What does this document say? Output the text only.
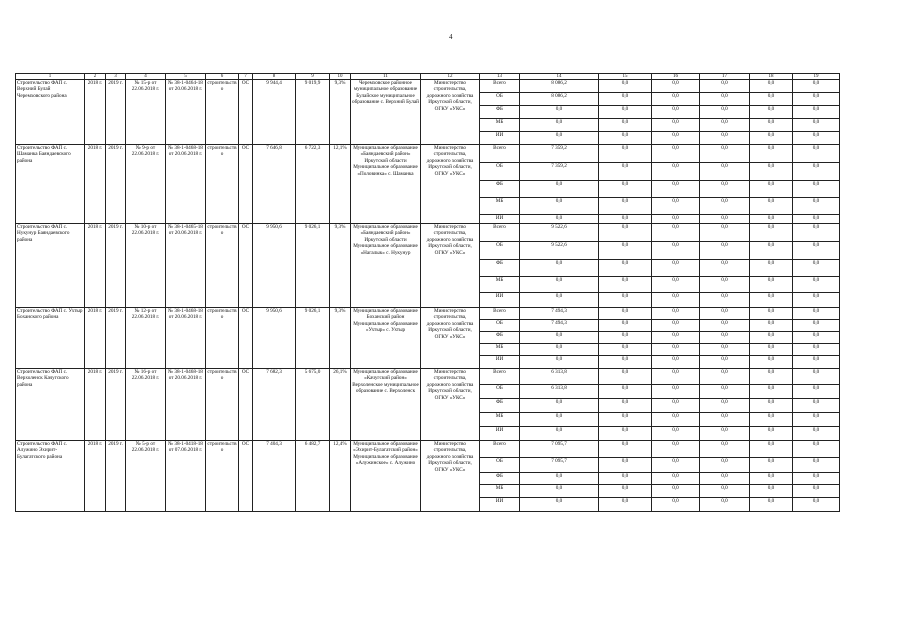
4
1	2	3	4	5	6	7	8	9	10	11	12	13	14	15	16	17	18	19
Строительство ФАП с. Верхний Булай Черемховского района	2018 г.	2019 г.	№ 15-р от 22.06.2018 г.	№ 38-1-0464-18 от 20.06.2018 г.	строительство	ОС	9 944,4	9 019,9	9,3%	Черемховское районное муниципальное образование Булайское муниципальное образование с. Верхний Булай	Министерство строительства, дорожного хозяйства Иркутской области, ОГКУ «УКС»	Всего	8 086,2	0,0	0,0	0,0	0,0	0,0
												ОБ	8 086,2	0,0	0,0	0,0	0,0	0,0
												ФБ	0,0	0,0	0,0	0,0	0,0	0,0
												МБ	0,0	0,0	0,0	0,0	0,0	0,0
												ИИ	0,0	0,0	0,0	0,0	0,0	0,0
Строительство ФАП с. Шаманка Баяндаевского района	2018 г.	2019 г.	№ 9-р от 22.06.2018 г.	№ 38-1-0468-18 от 20.06.2018 г.	строительство	ОС	7 646,8	6 722,3	12,1%	Муниципальное образование «Баяндаевский район» Иркутской области Муниципальное образование «Половинка» с. Шаманка	Министерство строительства, дорожного хозяйства Иркутской области, ОГКУ «УКС»	Всего	7 359,2	0,0	0,0	0,0	0,0	0,0
												ОБ	7 359,2	0,0	0,0	0,0	0,0	0,0
												ФБ	0,0	0,0	0,0	0,0	0,0	0,0
												МБ	0,0	0,0	0,0	0,0	0,0	0,0
												ИИ	0,0	0,0	0,0	0,0	0,0	0,0
Строительство ФАП с. Нукунур Баяндаевского района	2018 г.	2019 г.	№ 10-р от 22.06.2018 г.	№ 38-1-0465-18 от 20.06.2018 г.	строительство	ОС	9 950,6	9 026,1	9,3%	Муниципальное образование «Баяндаевский район» Иркутской области Муниципальное образование «Нагалык» с. Нукунур	Министерство строительства, дорожного хозяйства Иркутской области, ОГКУ «УКС»	Всего	9 522,6	0,0	0,0	0,0	0,0	0,0
												ОБ	9 522,6	0,0	0,0	0,0	0,0	0,0
												ФБ	0,0	0,0	0,0	0,0	0,0	0,0
												МБ	0,0	0,0	0,0	0,0	0,0	0,0
												ИИ	0,0	0,0	0,0	0,0	0,0	0,0
Строительство ФАП с. Ухтыр Боханского района	2018 г.	2019 г.	№ 12-р от 22.06.2018 г.	№ 38-1-0468-18 от 20.06.2018 г.	строительство	ОС	9 950,6	9 026,1	9,3%	Муниципальное образование Боханский район Муниципальное образование «Ухтыр» с. Ухтыр	Министерство строительства, дорожного хозяйства Иркутской области, ОГКУ «УКС»	Всего	7 494,3	0,0	0,0	0,0	0,0	0,0
												ОБ	7 494,3	0,0	0,0	0,0	0,0	0,0
												ФБ	0,0	0,0	0,0	0,0	0,0	0,0
												МБ	0,0	0,0	0,0	0,0	0,0	0,0
												ИИ	0,0	0,0	0,0	0,0	0,0	0,0
Строительство ФАП с. Верхоленск Качугского района	2018 г.	2019 г.	№ 16-р от 22.06.2018 г.	№ 38-1-0468-18 от 20.06.2018 г.	строительство	ОС	7 682,3	5 675,0	26,1%	Муниципальное образование «Качугский район» Верхоленское муниципальное образование с. Верхоленск	Министерство строительства, дорожного хозяйства Иркутской области, ОГКУ «УКС»	Всего	6 313,8	0,0	0,0	0,0	0,0	0,0
												ОБ	6 313,8	0,0	0,0	0,0	0,0	0,0
												ФБ	0,0	0,0	0,0	0,0	0,0	0,0
												МБ	0,0	0,0	0,0	0,0	0,0	0,0
												ИИ	0,0	0,0	0,0	0,0	0,0	0,0
Строительство ФАП с. Алужино Эхирит-Булагатского района	2018 г.	2019 г.	№ 5-р от 22.06.2018 г.	№ 38-1-0418-18 от 07.06.2018 г.	строительство	ОС	7 404,3	6 482,7	12,4%	Муниципальное образование «Эхирит-Булагатский район» Муниципальное образование «Алужинское» с. Алужино	Министерство строительства, дорожного хозяйства Иркутской области, ОГКУ «УКС»	Всего	7 095,7	0,0	0,0	0,0	0,0	0,0
												ОБ	7 095,7	0,0	0,0	0,0	0,0	0,0
												ФБ	0,0	0,0	0,0	0,0	0,0	0,0
												МБ	0,0	0,0	0,0	0,0	0,0	0,0
												ИИ	0,0	0,0	0,0	0,0	0,0	0,0
